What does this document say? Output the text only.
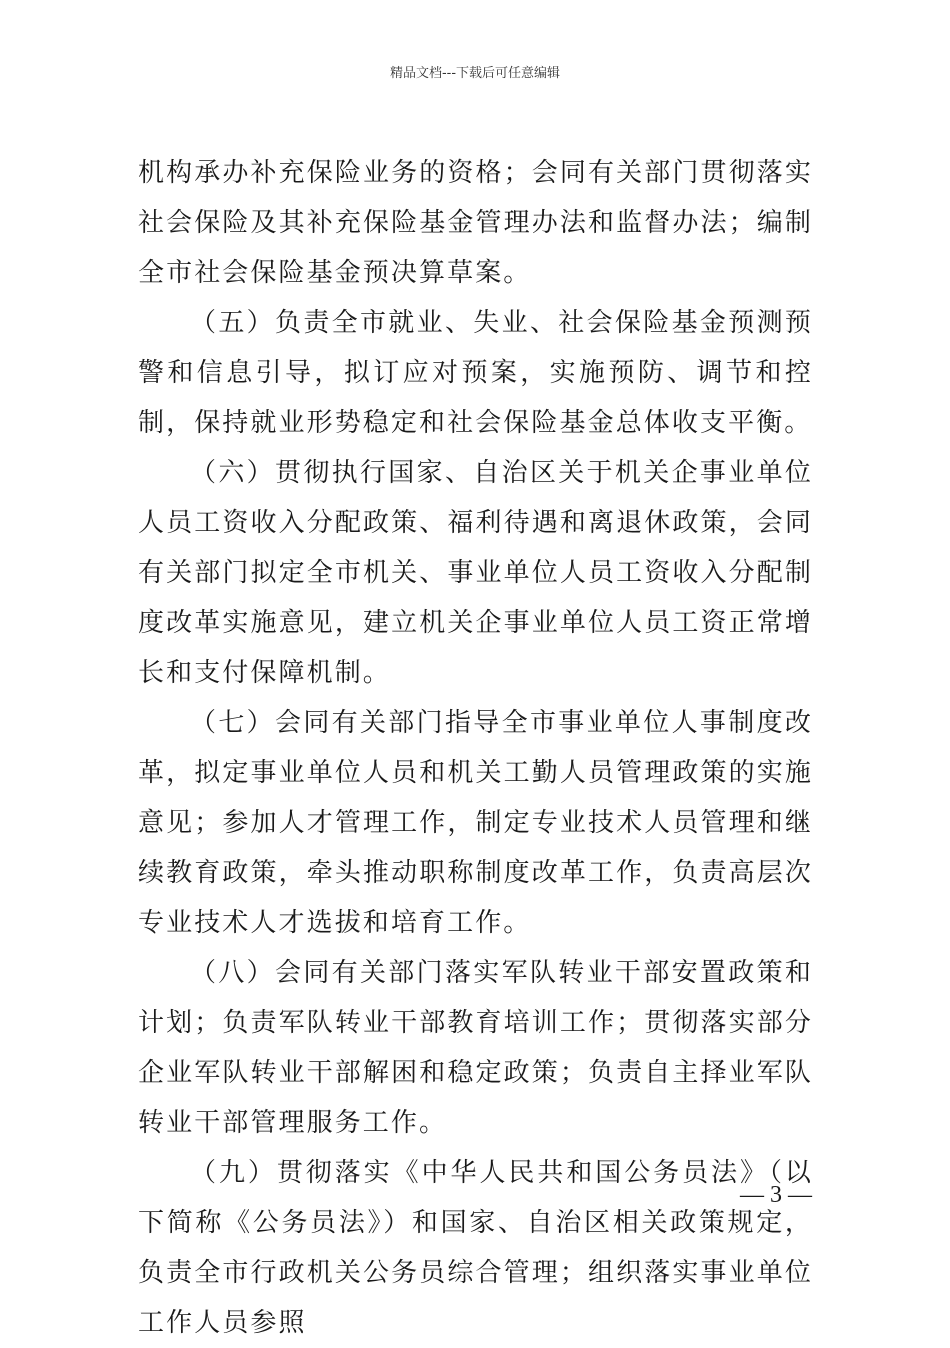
精品文档---下载后可任意编辑

机构承办补充保险业务的资格；会同有关部门贯彻落实社会保险及其补充保险基金管理办法和监督办法；编制全市社会保险基金预决算草案。

（五）负责全市就业、失业、社会保险基金预测预警和信息引导，拟订应对预案，实施预防、调节和控制，保持就业形势稳定和社会保险基金总体收支平衡。

（六）贯彻执行国家、自治区关于机关企事业单位人员工资收入分配政策、福利待遇和离退休政策，会同有关部门拟定全市机关、事业单位人员工资收入分配制度改革实施意见，建立机关企事业单位人员工资正常增长和支付保障机制。

（七）会同有关部门指导全市事业单位人事制度改革，拟定事业单位人员和机关工勤人员管理政策的实施意见；参加人才管理工作，制定专业技术人员管理和继续教育政策，牵头推动职称制度改革工作，负责高层次专业技术人才选拔和培育工作。

（八）会同有关部门落实军队转业干部安置政策和计划；负责军队转业干部教育培训工作；贯彻落实部分企业军队转业干部解困和稳定政策；负责自主择业军队转业干部管理服务工作。

（九）贯彻落实《中华人民共和国公务员法》（以下简称《公务员法》）和国家、自治区相关政策规定，负责全市行政机关公务员综合管理；组织落实事业单位工作人员参照

— 3 —
